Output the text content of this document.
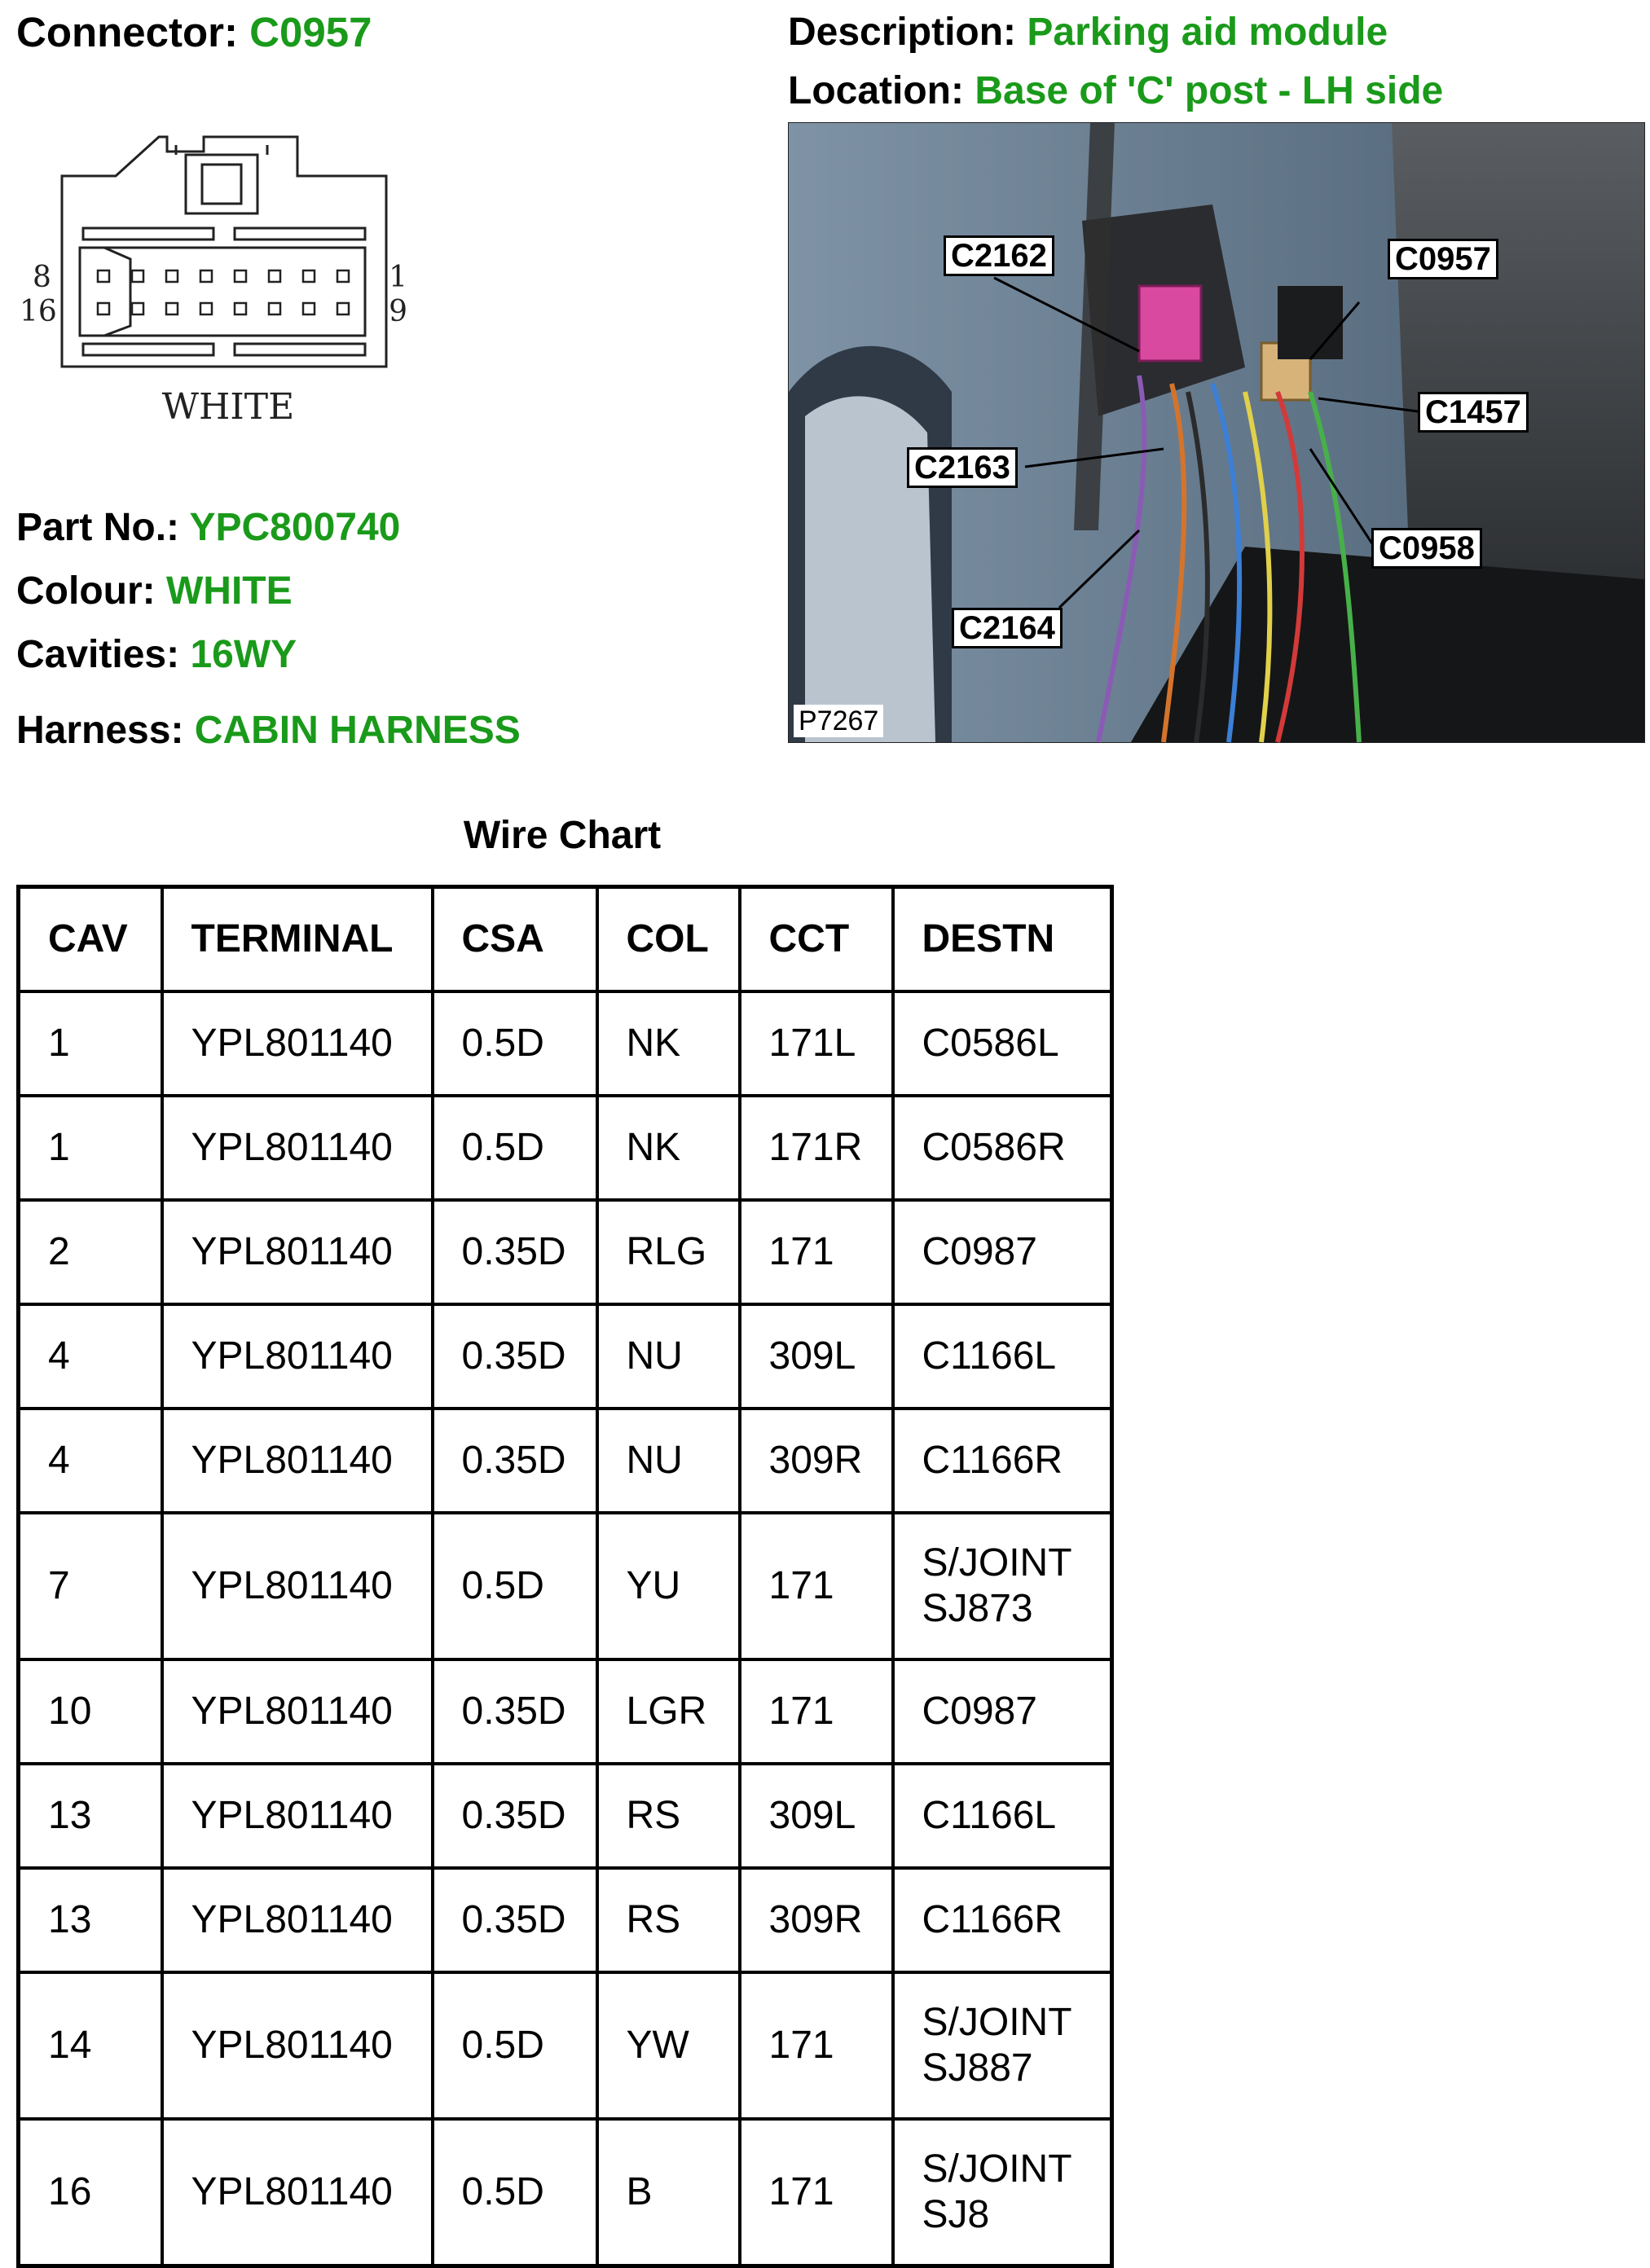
Connector: C0957	Description: Parking aid module
Location: Base of 'C' post - LH side
8
16
1
9
WHITE
C2162	C0957
C1457
C2163
C0958
C2164
P7267
Part No.: YPC800740
Colour: WHITE
Cavities: 16WY
Harness: CABIN HARNESS
Wire Chart
CAV	TERMINAL	CSA	COL	CCT	DESTN
1	YPL801140	0.5D	NK	171L	C0586L

1	YPL801140	0.5D	NK	171R	C0586R

2	YPL801140	0.35D	RLG	171	C0987

4	YPL801140	0.35D	NU	309L	C1166L

4	YPL801140	0.35D	NU	309R	C1166R

7	YPL801140	0.5D	YU	171	S/JOINT
SJ873

10	YPL801140	0.35D	LGR	171	C0987

13	YPL801140	0.35D	RS	309L	C1166L

13	YPL801140	0.35D	RS	309R	C1166R

14	YPL801140	0.5D	YW	171	S/JOINT
SJ887

16	YPL801140	0.5D	B	171	S/JOINT
SJ8
